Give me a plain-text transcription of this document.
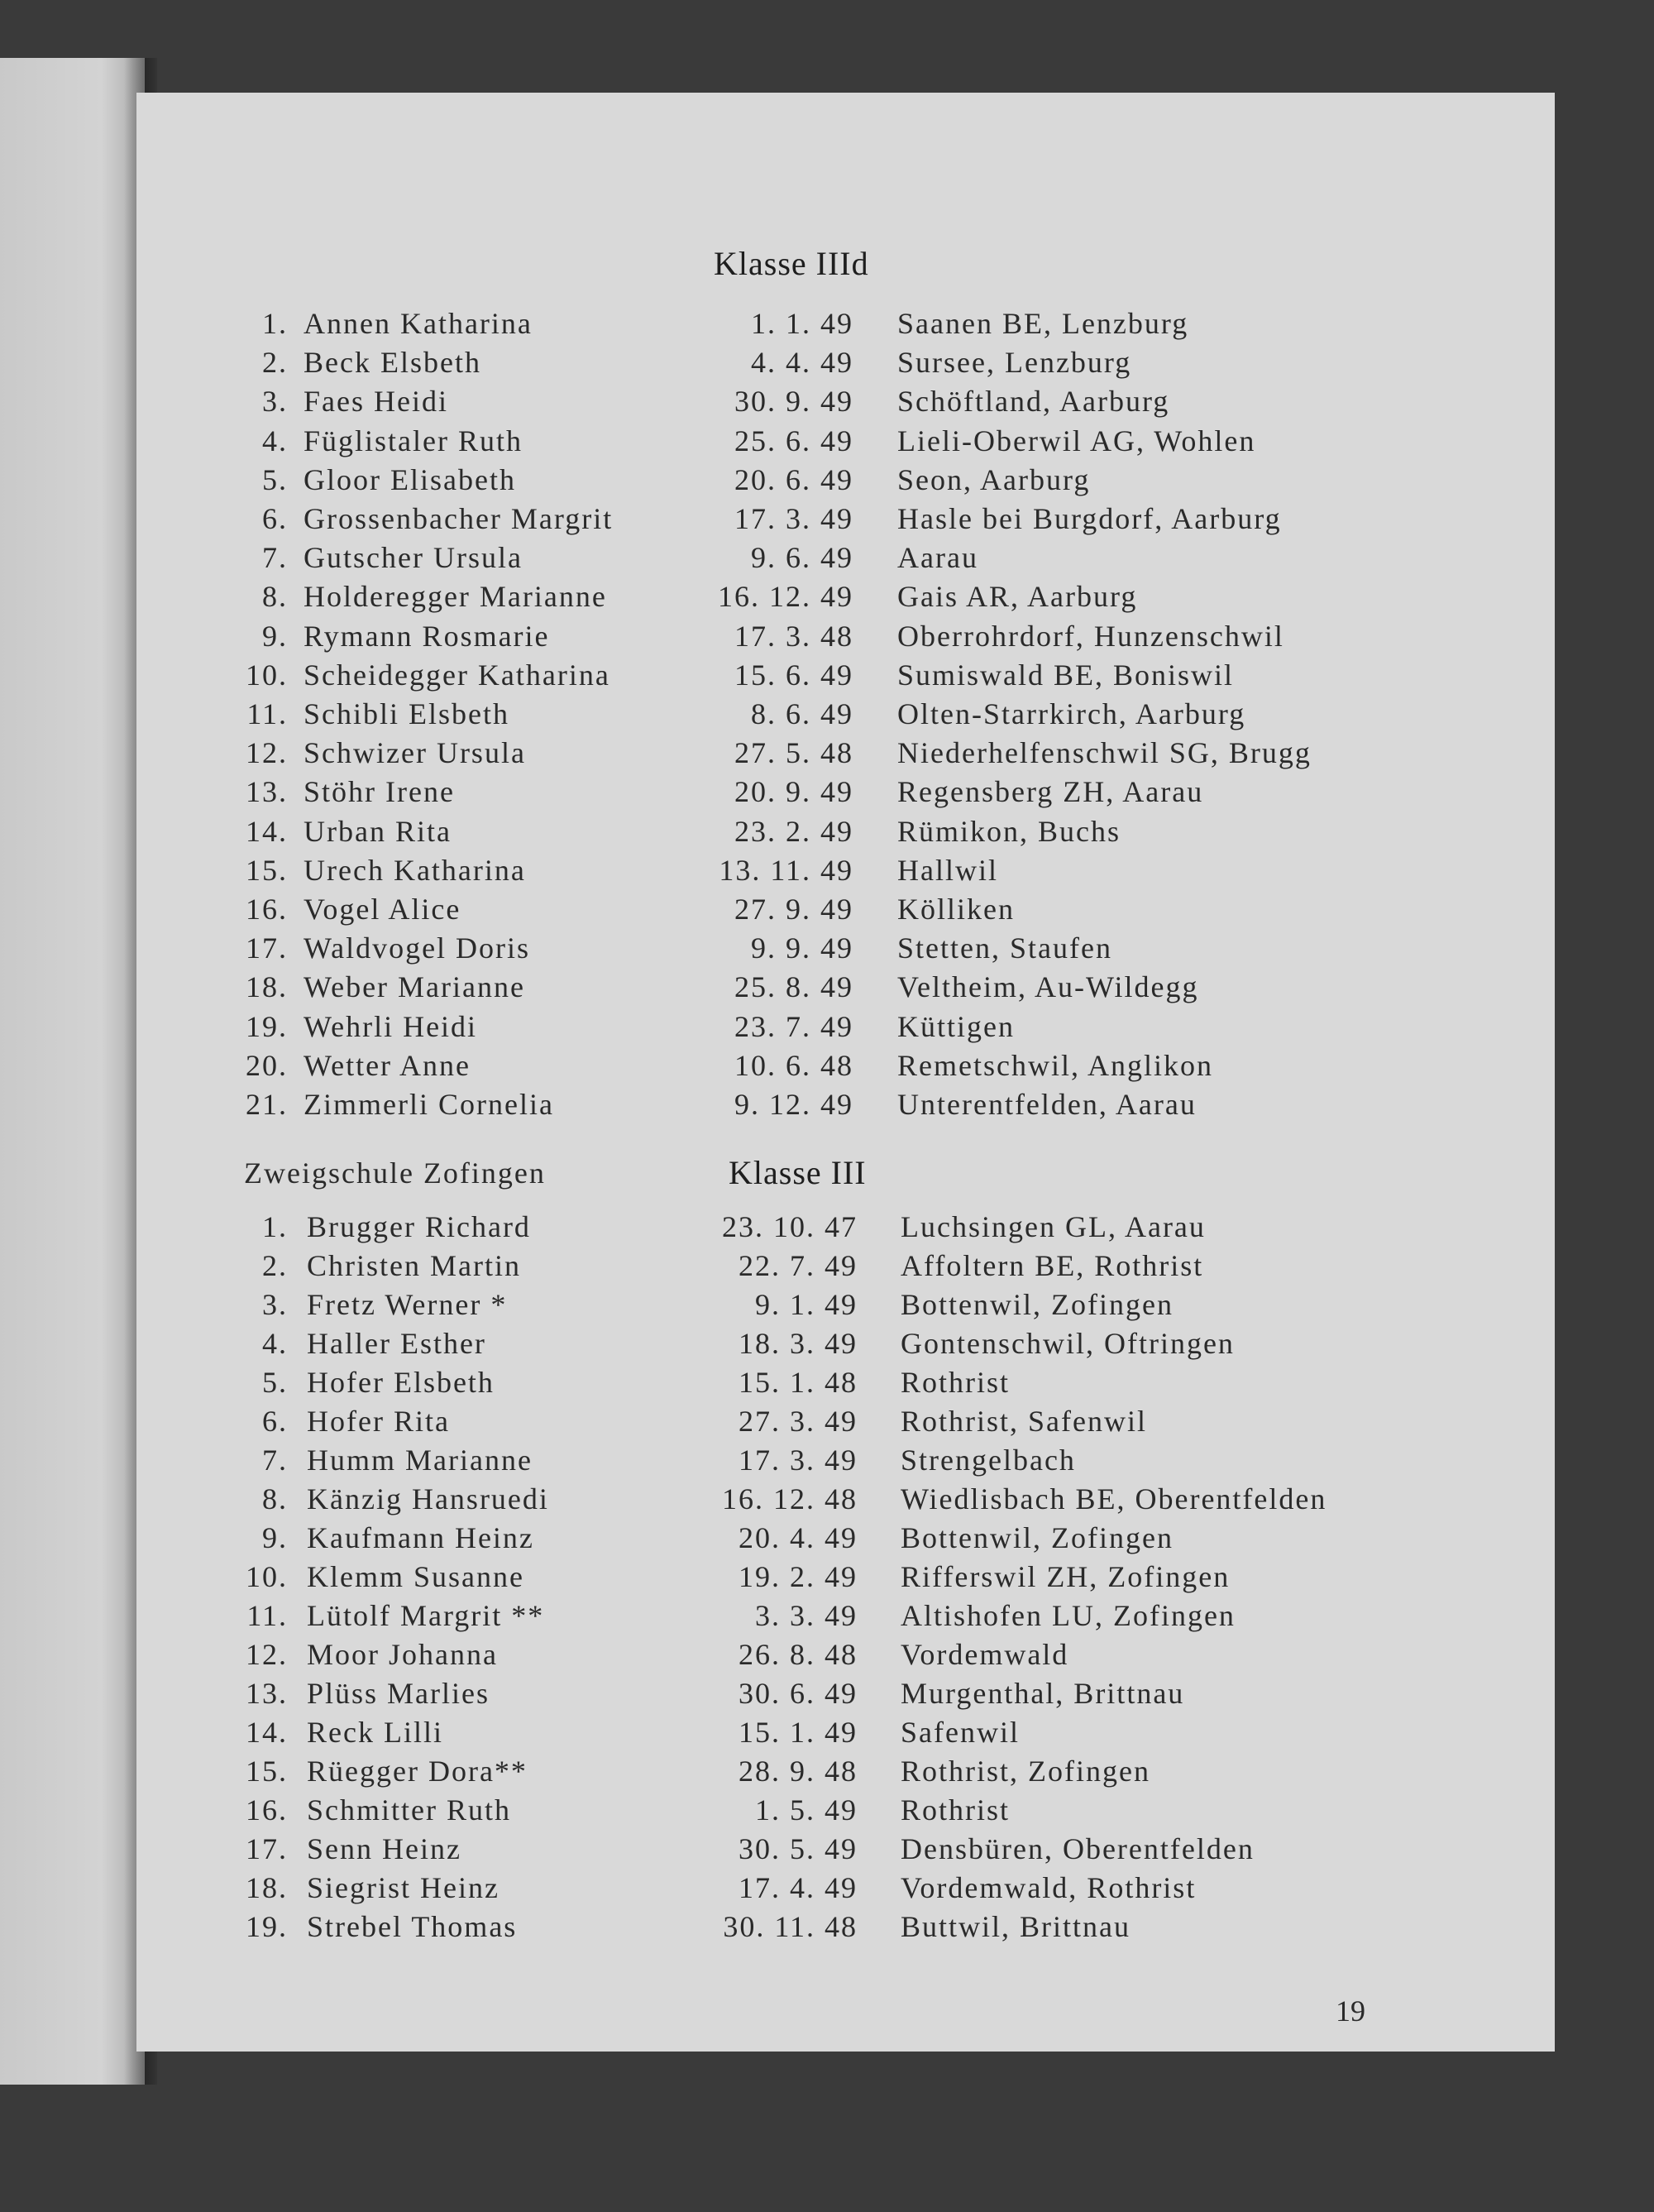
Klasse IIId
1. Annen Katharina	1. 1. 49 Saanen BE, Lenzburg
2. Beck Elsbeth	4. 4. 49 Sursee, Lenzburg
3. Faes Heidi	30. 9. 49 Schöftland, Aarburg
4. Füglistaler Ruth	25. 6. 49 Lieli-Oberwil AG, Wohlen
5. Gloor Elisabeth	20. 6. 49 Seon, Aarburg
6. Grossenbacher Margrit	17. 3. 49 Hasle bei Burgdorf, Aarburg
7. Gutscher Ursula	9. 6. 49 Aarau
8. Holderegger Marianne	16. 12. 49 Gais AR, Aarburg
9. Rymann Rosmarie	17. 3. 48 Oberrohrdorf, Hunzenschwil
10. Scheidegger Katharina	15. 6. 49 Sumiswald BE, Boniswil
11. Schibli Elsbeth	8. 6. 49 Olten-Starrkirch, Aarburg
12. Schwizer Ursula	27. 5. 48 Niederhelfenschwil SG, Brugg
13. Stöhr Irene	20. 9. 49 Regensberg ZH, Aarau
14. Urban Rita	23. 2. 49 Rümikon, Buchs
15. Urech Katharina	13. 11. 49 Hallwil
16. Vogel Alice	27. 9. 49 Kölliken
17. Waldvogel Doris	9. 9. 49 Stetten, Staufen
18. Weber Marianne	25. 8. 49 Veltheim, Au-Wildegg
19. Wehrli Heidi	23. 7. 49 Küttigen
20. Wetter Anne	10. 6. 48 Remetschwil, Anglikon
21. Zimmerli Cornelia	9. 12. 49 Unterentfelden, Aarau
Zweigschule Zofingen	Klasse III
1. Brugger Richard	23. 10. 47 Luchsingen GL, Aarau
2. Christen Martin	22. 7. 49 Affoltern BE, Rothrist
3. Fretz Werner *	9. 1. 49 Bottenwil, Zofingen
4. Haller Esther	18. 3. 49 Gontenschwil, Oftringen
5. Hofer Elsbeth	15. 1. 48 Rothrist
6. Hofer Rita	27. 3. 49 Rothrist, Safenwil
7. Humm Marianne	17. 3. 49 Strengelbach
8. Känzig Hansruedi	16. 12. 48 Wiedlisbach BE, Oberentfelden
9. Kaufmann Heinz	20. 4. 49 Bottenwil, Zofingen
10. Klemm Susanne	19. 2. 49 Rifferswil ZH, Zofingen
11. Lütolf Margrit **	3. 3. 49 Altishofen LU, Zofingen
12. Moor Johanna	26. 8. 48 Vordemwald
13. Plüss Marlies	30. 6. 49 Murgenthal, Brittnau
14. Reck Lilli	15. 1. 49 Safenwil
15. Rüegger Dora**	28. 9. 48 Rothrist, Zofingen
16. Schmitter Ruth	1. 5. 49 Rothrist
17. Senn Heinz	30. 5. 49 Densbüren, Oberentfelden
18. Siegrist Heinz	17. 4. 49 Vordemwald, Rothrist
19. Strebel Thomas	30. 11. 48 Buttwil, Brittnau
19
